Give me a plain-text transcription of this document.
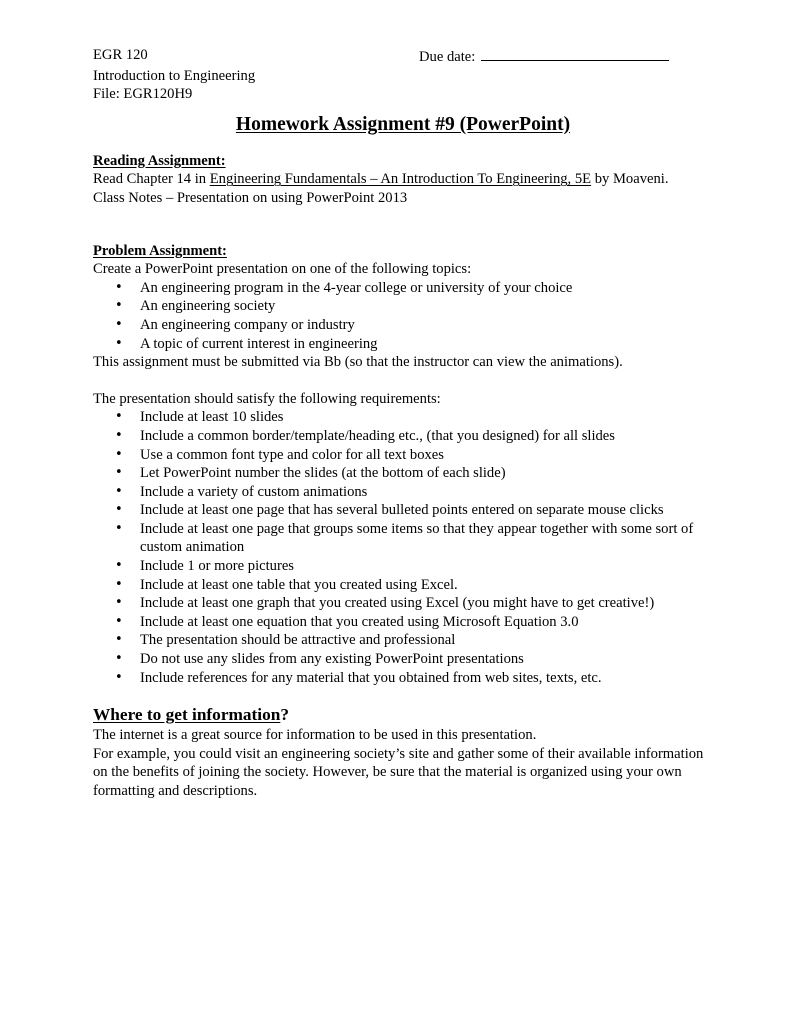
EGR 120	Due date:
Introduction to Engineering
File: EGR120H9
Homework Assignment #9 (PowerPoint)
Reading Assignment:
Read Chapter 14 in Engineering Fundamentals – An Introduction To Engineering, 5E by Moaveni.
Class Notes – Presentation on using PowerPoint 2013
Problem Assignment:
Create a PowerPoint presentation on one of the following topics:
• An engineering program in the 4-year college or university of your choice
• An engineering society
• An engineering company or industry
• A topic of current interest in engineering
This assignment must be submitted via Bb (so that the instructor can view the animations).
The presentation should satisfy the following requirements:
• Include at least 10 slides
• Include a common border/template/heading etc., (that you designed) for all slides
• Use a common font type and color for all text boxes
• Let PowerPoint number the slides (at the bottom of each slide)
• Include a variety of custom animations
• Include at least one page that has several bulleted points entered on separate mouse clicks
• Include at least one page that groups some items so that they appear together with some sort of custom animation
• Include 1 or more pictures
• Include at least one table that you created using Excel.
• Include at least one graph that you created using Excel (you might have to get creative!)
• Include at least one equation that you created using Microsoft Equation 3.0
• The presentation should be attractive and professional
• Do not use any slides from any existing PowerPoint presentations
• Include references for any material that you obtained from web sites, texts, etc.
Where to get information?
The internet is a great source for information to be used in this presentation.
For example, you could visit an engineering society’s site and gather some of their available information on the benefits of joining the society. However, be sure that the material is organized using your own formatting and descriptions.
